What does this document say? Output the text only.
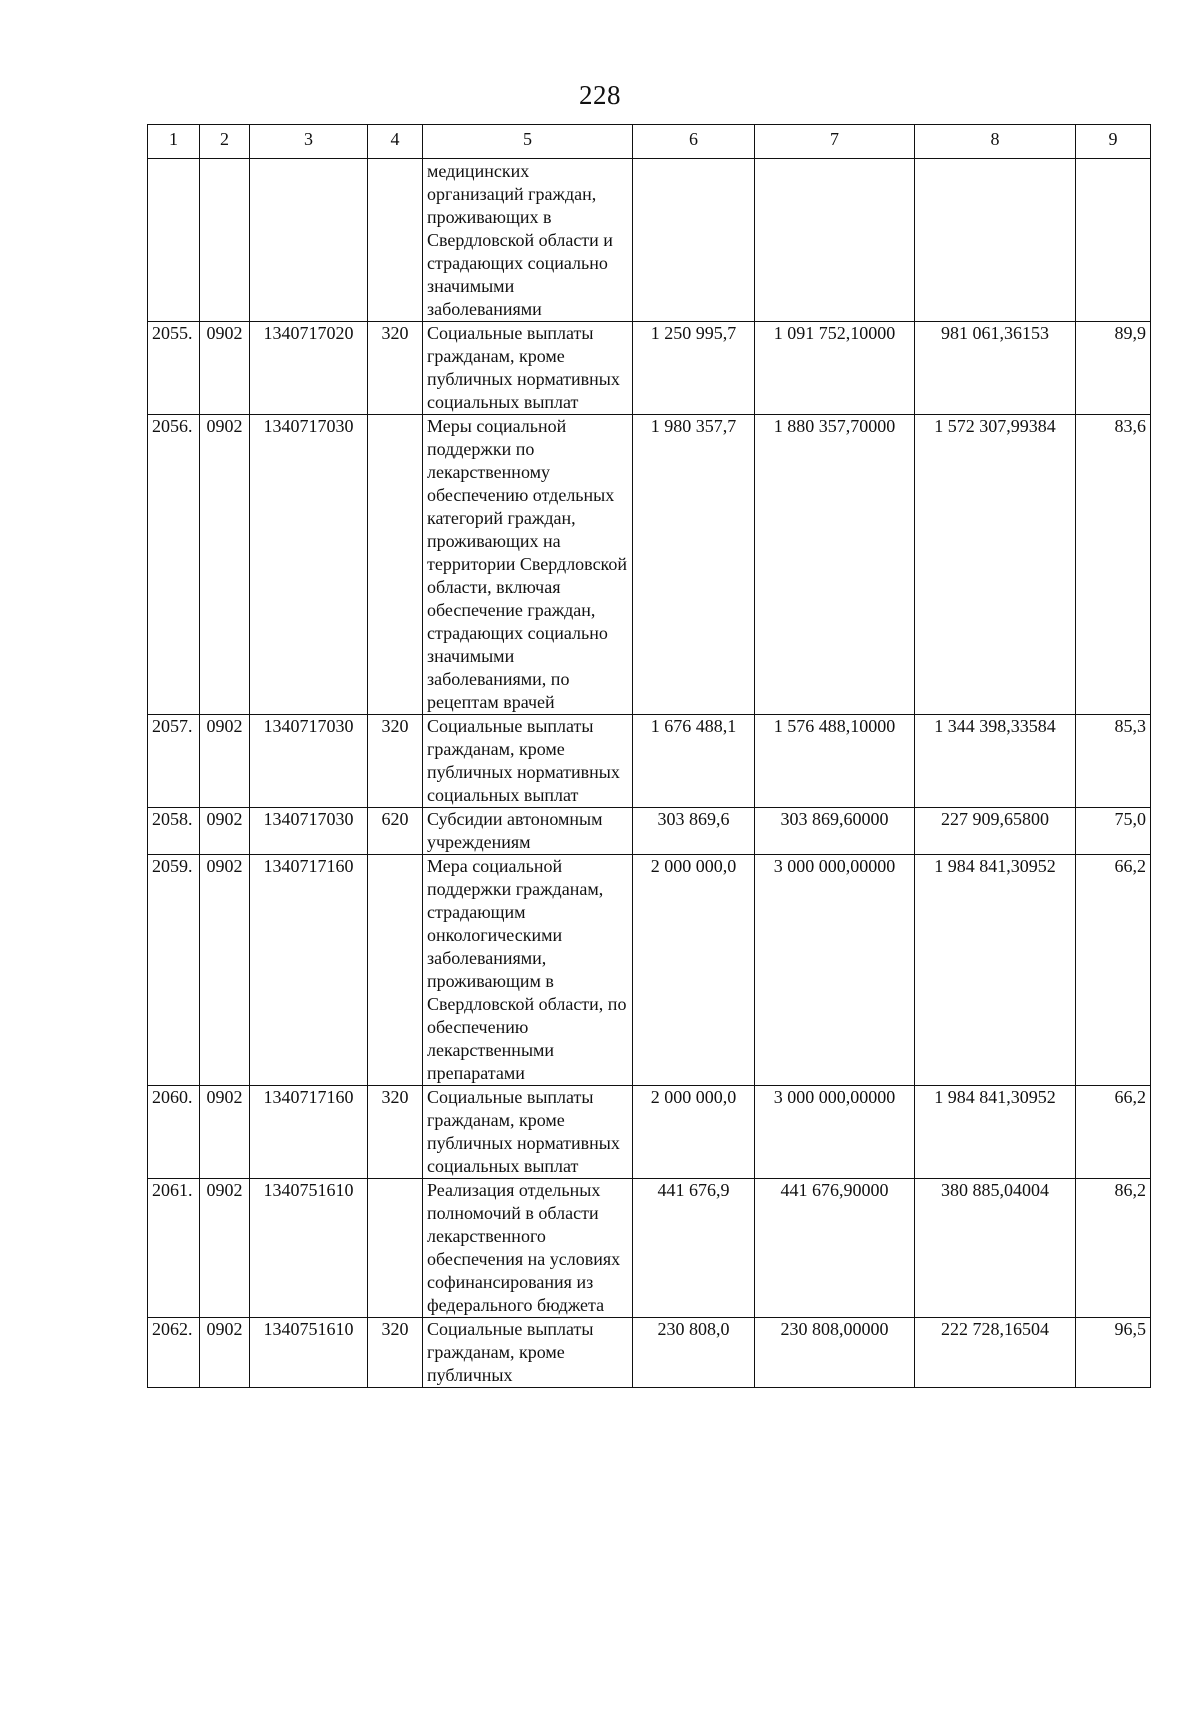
228
1	2	3	4	5	6	7	8	9
				медицинских организаций граждан, проживающих в Свердловской области и страдающих социально значимыми заболеваниями				
2055.	0902	1340717020	320	Социальные выплаты гражданам, кроме публичных нормативных социальных выплат	1 250 995,7	1 091 752,10000	981 061,36153	89,9
2056.	0902	1340717030		Меры социальной поддержки по лекарственному обеспечению отдельных категорий граждан, проживающих на территории Свердловской области, включая обеспечение граждан, страдающих социально значимыми заболеваниями, по рецептам врачей	1 980 357,7	1 880 357,70000	1 572 307,99384	83,6
2057.	0902	1340717030	320	Социальные выплаты гражданам, кроме публичных нормативных социальных выплат	1 676 488,1	1 576 488,10000	1 344 398,33584	85,3
2058.	0902	1340717030	620	Субсидии автономным учреждениям	303 869,6	303 869,60000	227 909,65800	75,0
2059.	0902	1340717160		Мера социальной поддержки гражданам, страдающим онкологическими заболеваниями, проживающим в Свердловской области, по обеспечению лекарственными препаратами	2 000 000,0	3 000 000,00000	1 984 841,30952	66,2
2060.	0902	1340717160	320	Социальные выплаты гражданам, кроме публичных нормативных социальных выплат	2 000 000,0	3 000 000,00000	1 984 841,30952	66,2
2061.	0902	1340751610		Реализация отдельных полномочий в области лекарственного обеспечения на условиях софинансирования из федерального бюджета	441 676,9	441 676,90000	380 885,04004	86,2
2062.	0902	1340751610	320	Социальные выплаты гражданам, кроме публичных	230 808,0	230 808,00000	222 728,16504	96,5
